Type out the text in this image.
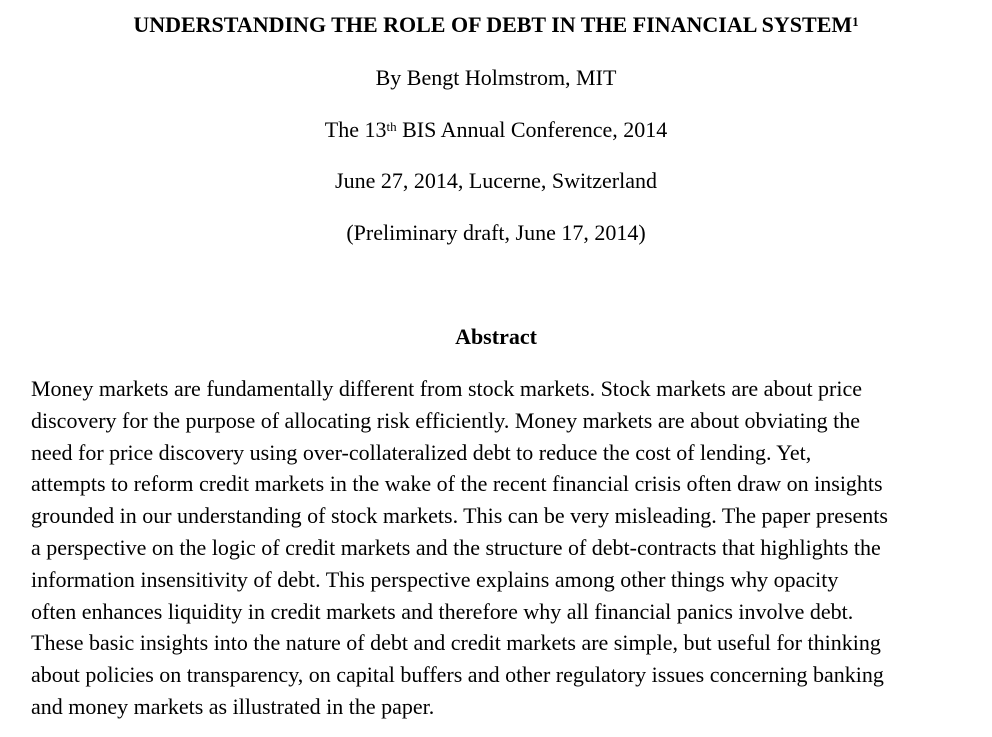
UNDERSTANDING THE ROLE OF DEBT IN THE FINANCIAL SYSTEM$^1$

By Bengt Holmstrom, MIT

The 13th BIS Annual Conference, 2014

June 27, 2014, Lucerne, Switzerland

(Preliminary draft, June 17, 2014)

Abstract

Money markets are fundamentally different from stock markets. Stock markets are about price
discovery for the purpose of allocating risk efficiently. Money markets are about obviating the
need for price discovery using over-collateralized debt to reduce the cost of lending. Yet,
attempts to reform credit markets in the wake of the recent financial crisis often draw on insights
grounded in our understanding of stock markets. This can be very misleading. The paper presents
a perspective on the logic of credit markets and the structure of debt-contracts that highlights the
information insensitivity of debt. This perspective explains among other things why opacity
often enhances liquidity in credit markets and therefore why all financial panics involve debt.
These basic insights into the nature of debt and credit markets are simple, but useful for thinking
about policies on transparency, on capital buffers and other regulatory issues concerning banking
and money markets as illustrated in the paper.
